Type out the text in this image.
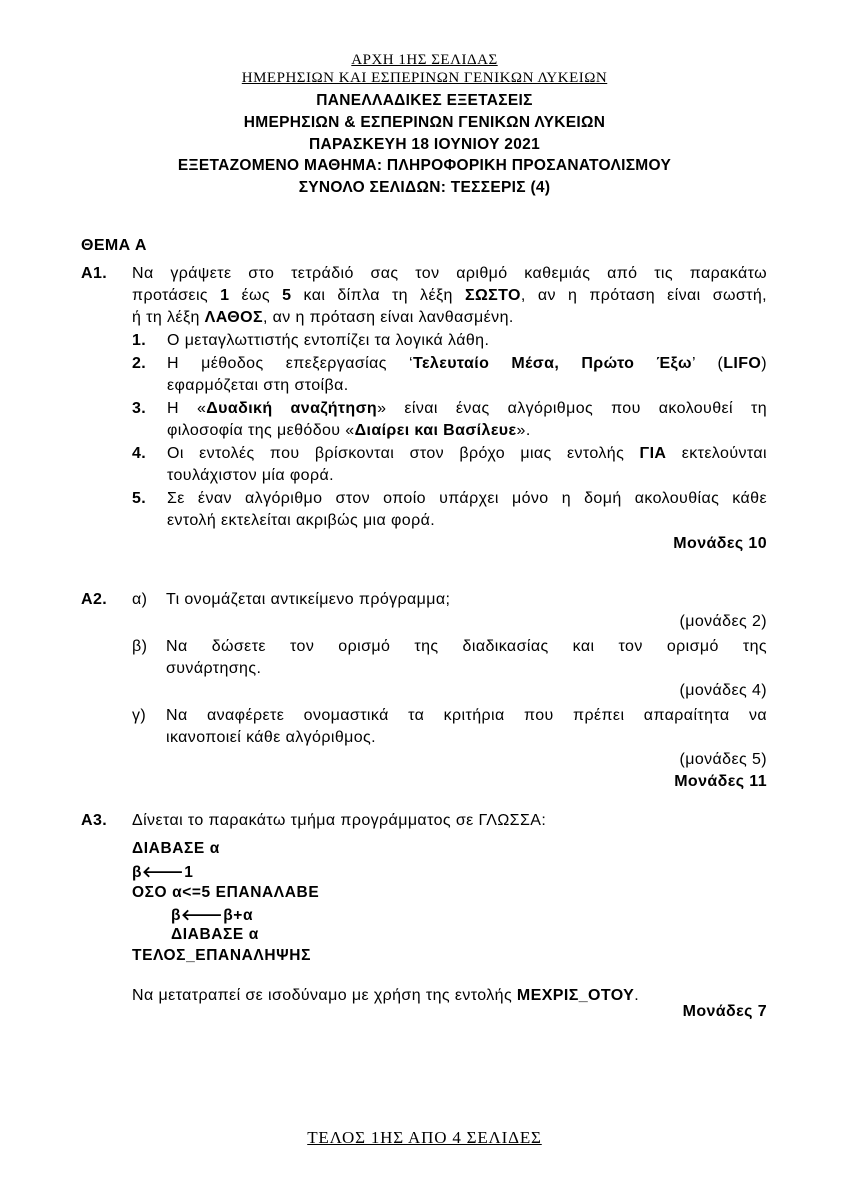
ΑΡΧΗ 1ΗΣ ΣΕΛΙΔΑΣ
ΗΜΕΡΗΣΙΩΝ ΚΑΙ ΕΣΠΕΡΙΝΩΝ ΓΕΝΙΚΩΝ ΛΥΚΕΙΩΝ
ΠΑΝΕΛΛΑΔΙΚΕΣ ΕΞΕΤΑΣΕΙΣ
ΗΜΕΡΗΣΙΩΝ & ΕΣΠΕΡΙΝΩΝ ΓΕΝΙΚΩΝ ΛΥΚΕΙΩΝ
ΠΑΡΑΣΚΕΥΗ 18 ΙΟΥΝΙΟΥ 2021
ΕΞΕΤΑΖΟΜΕΝΟ ΜΑΘΗΜΑ: ΠΛΗΡΟΦΟΡΙΚΗ ΠΡΟΣΑΝΑΤΟΛΙΣΜΟΥ
ΣΥΝΟΛΟ ΣΕΛΙΔΩΝ: ΤΕΣΣΕΡΙΣ (4)
ΘΕΜΑ Α
Α1. Να γράψετε στο τετράδιό σας τον αριθμό καθεμιάς από τις παρακάτω
προτάσεις 1 έως 5 και δίπλα τη λέξη ΣΩΣΤΟ, αν η πρόταση είναι σωστή,
ή τη λέξη ΛΑΘΟΣ, αν η πρόταση είναι λανθασμένη.
1. Ο μεταγλωττιστής εντοπίζει τα λογικά λάθη.
2. Η μέθοδος επεξεργασίας ‘Τελευταίο Μέσα, Πρώτο Έξω’ (LIFO)
εφαρμόζεται στη στοίβα.
3. Η «Δυαδική αναζήτηση» είναι ένας αλγόριθμος που ακολουθεί τη
φιλοσοφία της μεθόδου «Διαίρει και Βασίλευε».
4. Οι εντολές που βρίσκονται στον βρόχο μιας εντολής ΓΙΑ εκτελούνται
τουλάχιστον μία φορά.
5. Σε έναν αλγόριθμο στον οποίο υπάρχει μόνο η δομή ακολουθίας κάθε
εντολή εκτελείται ακριβώς μια φορά.
Μονάδες 10
Α2. α) Τι ονομάζεται αντικείμενο πρόγραμμα;
(μονάδες 2)
β) Να δώσετε τον ορισμό της διαδικασίας και τον ορισμό της
συνάρτησης.
(μονάδες 4)
γ) Να αναφέρετε ονομαστικά τα κριτήρια που πρέπει απαραίτητα να
ικανοποιεί κάθε αλγόριθμος.
(μονάδες 5)
Μονάδες 11
Α3. Δίνεται το παρακάτω τμήμα προγράμματος σε ΓΛΩΣΣΑ:
ΔΙΑΒΑΣΕ α
β🡐1
ΟΣΟ α<=5 ΕΠΑΝΑΛΑΒΕ
β🡐β+α
ΔΙΑΒΑΣΕ α
ΤΕΛΟΣ_ΕΠΑΝΑΛΗΨΗΣ
Να μετατραπεί σε ισοδύναμο με χρήση της εντολής ΜΕΧΡΙΣ_ΟΤΟΥ.
Μονάδες 7
ΤΕΛΟΣ 1ΗΣ ΑΠΟ 4 ΣΕΛΙΔΕΣ
